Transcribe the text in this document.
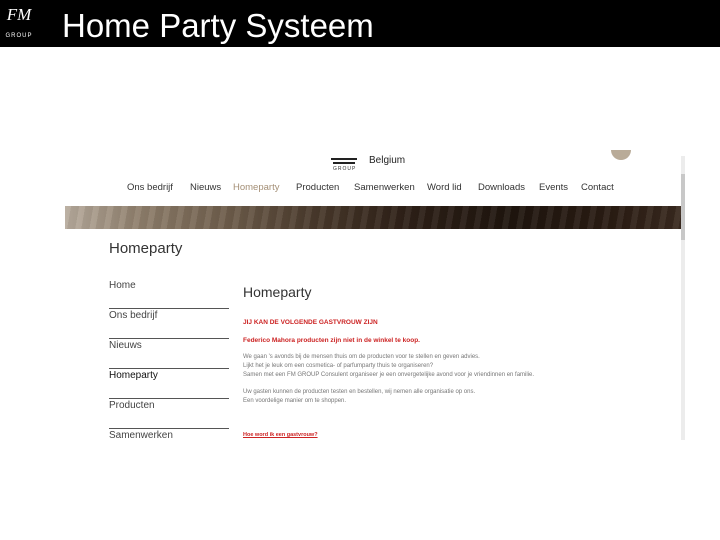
FM
GROUP Home Party Systeem
GROUP
Belgium
Ons bedrijf Nieuws Homeparty Producten Samenwerken Word lid Downloads Events Contact
Homeparty
Home
Ons bedrijf
Nieuws
Homeparty
Producten
Samenwerken
Homeparty
JIJ KAN DE VOLGENDE GASTVROUW ZIJN
Federico Mahora producten zijn niet in de winkel te koop.
We gaan 's avonds bij de mensen thuis om de producten voor te stellen en geven advies.
Lijkt het je leuk om een cosmetica- of parfumparty thuis te organiseren?
Samen met een FM GROUP Consulent organiseer je een onvergetelijke avond voor je vriendinnen en familie.
Uw gasten kunnen de producten testen en bestellen, wij nemen alle organisatie op ons.
Een voordelige manier om te shoppen.
Hoe word ik een gastvrouw?
